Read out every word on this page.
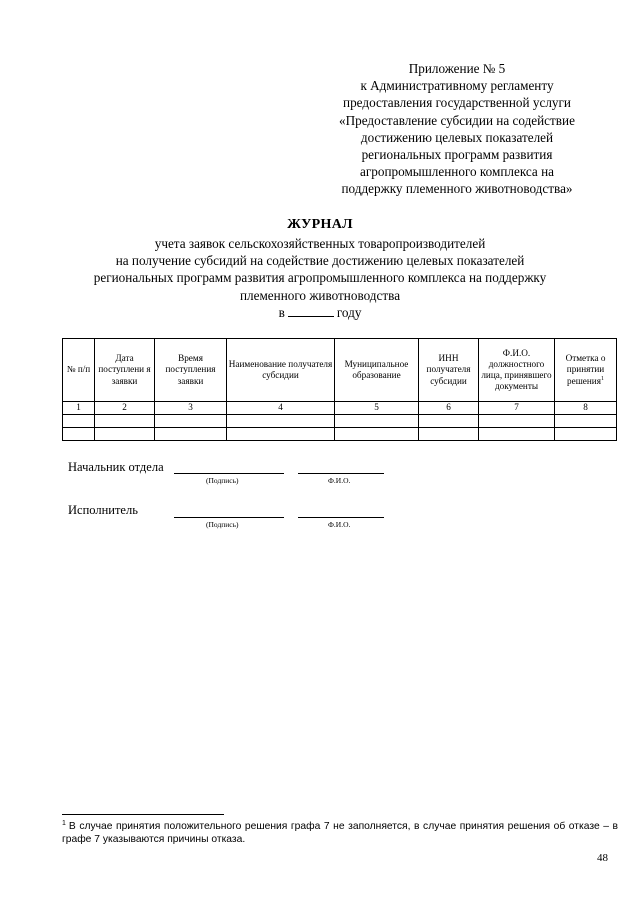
Приложение № 5
к Административному регламенту
предоставления государственной услуги
«Предоставление субсидии на содействие
достижению целевых показателей
региональных программ развития
агропромышленного комплекса на
поддержку племенного животноводства»
ЖУРНАЛ
учета заявок сельскохозяйственных товаропроизводителей
на получение субсидий на содействие достижению целевых показателей
региональных программ развития агропромышленного комплекса на поддержку
племенного животноводства
в	году
№ п/п	Дата поступлени я заявки	Время поступления заявки	Наименование получателя субсидии	Муниципальное образование	ИНН получателя субсидии	Ф.И.О. должностного лица, принявшего документы	Отметка о принятии решения$^1$
1	2	3	4	5	6	7	8

Начальник отдела
(Подпись)	Ф.И.О.
Исполнитель
(Подпись)	Ф.И.О.
$^1$ В случае принятия положительного решения графа 7 не заполняется, в случае принятия решения об отказе – в графе 7 указываются причины отказа.
48
